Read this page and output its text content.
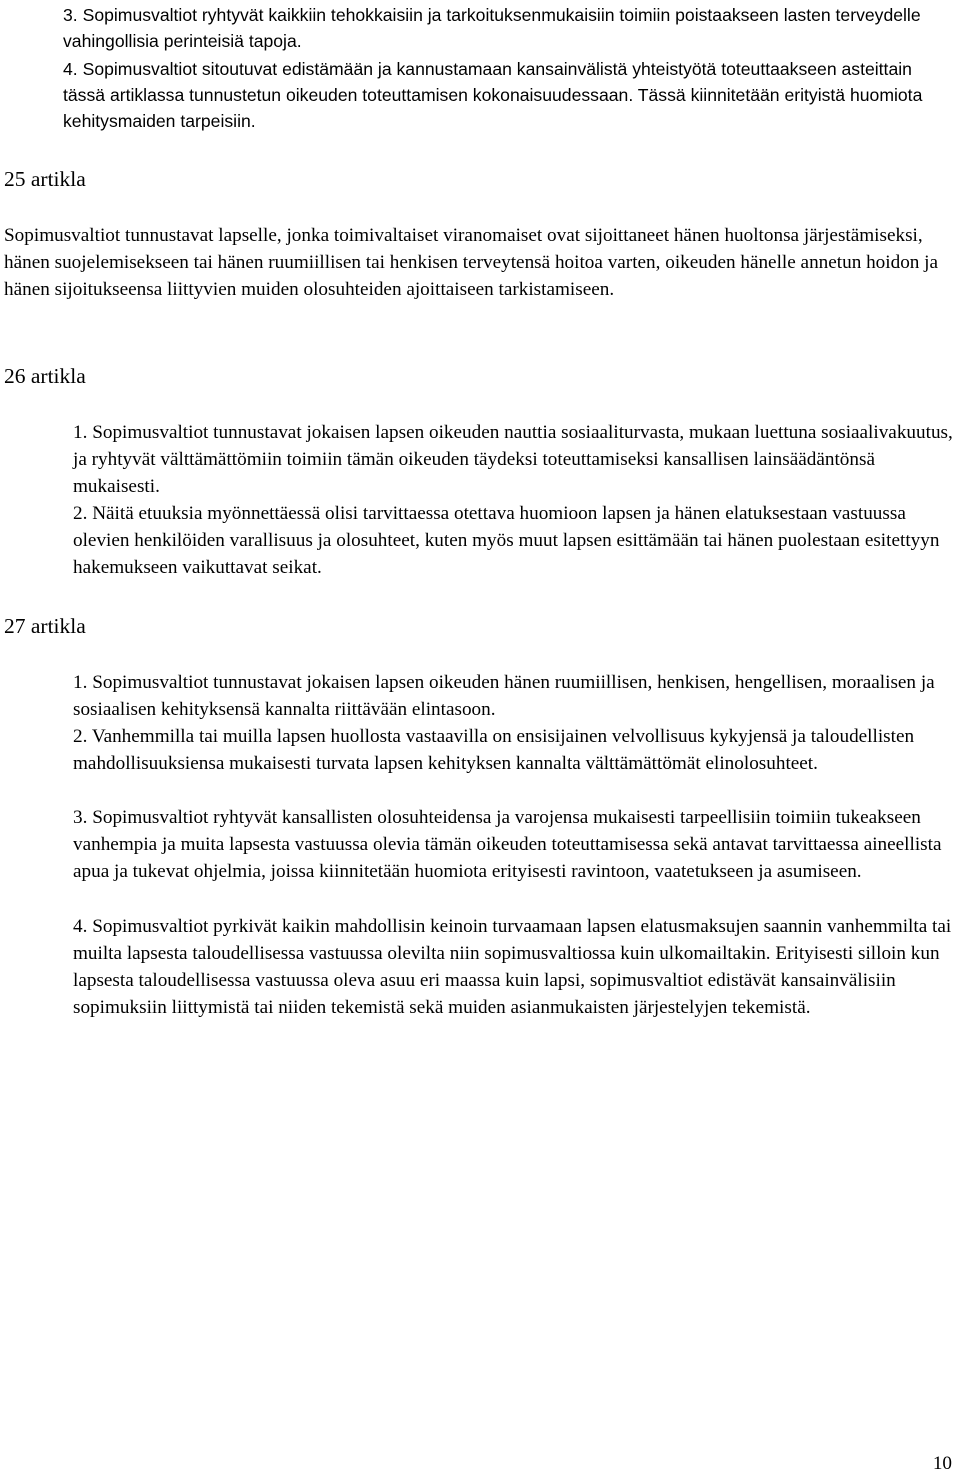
3. Sopimusvaltiot ryhtyvät kaikkiin tehokkaisiin ja tarkoituksenmukaisiin toimiin poistaakseen lasten terveydelle vahingollisia perinteisiä tapoja.
4. Sopimusvaltiot sitoutuvat edistämään ja kannustamaan kansainvälistä yhteistyötä toteuttaakseen asteittain tässä artiklassa tunnustetun oikeuden toteuttamisen kokonaisuudessaan. Tässä kiinnitetään erityistä huomiota kehitysmaiden tarpeisiin.
25 artikla

Sopimusvaltiot tunnustavat lapselle, jonka toimivaltaiset viranomaiset ovat sijoittaneet hänen huoltonsa järjestämiseksi, hänen suojelemisekseen tai hänen ruumiillisen tai henkisen terveytensä hoitoa varten, oikeuden hänelle annetun hoidon ja hänen sijoitukseensa liittyvien muiden olosuhteiden ajoittaiseen tarkistamiseen.

26 artikla
1. Sopimusvaltiot tunnustavat jokaisen lapsen oikeuden nauttia sosiaaliturvasta, mukaan luettuna sosiaalivakuutus, ja ryhtyvät välttämättömiin toimiin tämän oikeuden täydeksi toteuttamiseksi kansallisen lainsäädäntönsä mukaisesti.
2. Näitä etuuksia myönnettäessä olisi tarvittaessa otettava huomioon lapsen ja hänen elatuksestaan vastuussa olevien henkilöiden varallisuus ja olosuhteet, kuten myös muut lapsen esittämään tai hänen puolestaan esitettyyn hakemukseen vaikuttavat seikat.
27 artikla
1. Sopimusvaltiot tunnustavat jokaisen lapsen oikeuden hänen ruumiillisen, henkisen, hengellisen, moraalisen ja sosiaalisen kehityksensä kannalta riittävään elintasoon.
2. Vanhemmilla tai muilla lapsen huollosta vastaavilla on ensisijainen velvollisuus kykyjensä ja taloudellisten mahdollisuuksiensa mukaisesti turvata lapsen kehityksen kannalta välttämättömät elinolosuhteet.
3. Sopimusvaltiot ryhtyvät kansallisten olosuhteidensa ja varojensa mukaisesti tarpeellisiin toimiin tukeakseen vanhempia ja muita lapsesta vastuussa olevia tämän oikeuden toteuttamisessa sekä antavat tarvittaessa aineellista apua ja tukevat ohjelmia, joissa kiinnitetään huomiota erityisesti ravintoon, vaatetukseen ja asumiseen.
4. Sopimusvaltiot pyrkivät kaikin mahdollisin keinoin turvaamaan lapsen elatusmaksujen saannin vanhemmilta tai muilta lapsesta taloudellisessa vastuussa olevilta niin sopimusvaltiossa kuin ulkomailtakin. Erityisesti silloin kun lapsesta taloudellisessa vastuussa oleva asuu eri maassa kuin lapsi, sopimusvaltiot edistävät kansainvälisiin sopimuksiin liittymistä tai niiden tekemistä sekä muiden asianmukaisten järjestelyjen tekemistä.

10
